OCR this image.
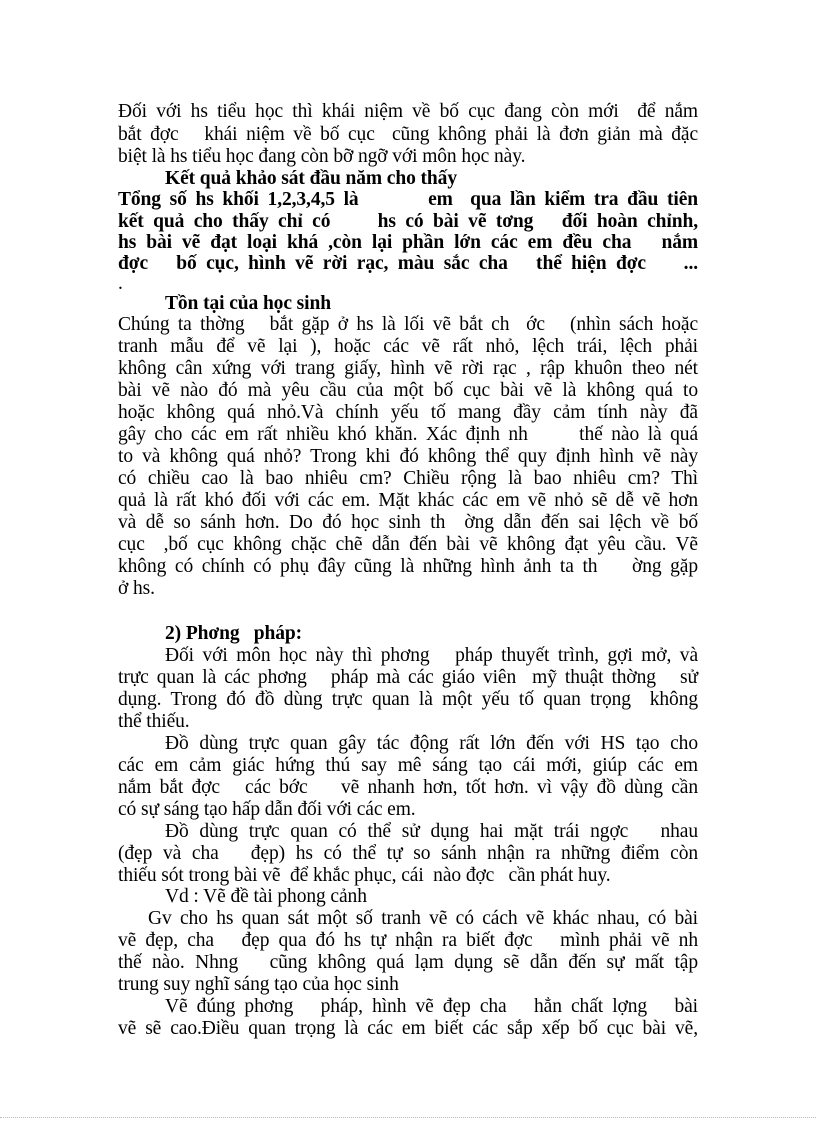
Đối với hs tiểu học thì khái niệm về bố cục đang còn mới  để nắm
bắt đợc   khái niệm về bố cục  cũng không phải là đơn giản mà đặc
biệt là hs tiểu học đang còn bỡ ngỡ với môn học này.
Kết quả khảo sát đầu năm cho thấy
Tổng số hs khối 1,2,3,4,5 là        em  qua lần kiểm tra đầu tiên
kết quả cho thấy chỉ có     hs có bài vẽ tơng   đối hoàn chỉnh,
hs bài vẽ đạt loại khá ,còn lại phần lớn các em đều cha   nắm
đợc   bố cục, hình vẽ rời rạc, màu sắc cha   thể hiện đợc    ...
.
Tồn tại của học sinh
Chúng ta thờng   bắt gặp ở hs là lối vẽ bắt ch  ớc   (nhìn sách hoặc
tranh mẫu để vẽ lại ), hoặc các vẽ rất nhỏ, lệch trái, lệch phải
không cân xứng với trang giấy, hình vẽ rời rạc , rập khuôn theo nét
bài vẽ nào đó mà yêu cầu của một bố cục bài vẽ là không quá to
hoặc không quá nhỏ.Và chính yếu tố mang đầy cảm tính này đã
gây cho các em rất nhiều khó khăn. Xác định nh      thế nào là quá
to và không quá nhỏ? Trong khi đó không thể quy định hình vẽ này
có chiều cao là bao nhiêu cm? Chiều rộng là bao nhiêu cm? Thì
quả là rất khó đối với các em. Mặt khác các em vẽ nhỏ sẽ dễ vẽ hơn
và dễ so sánh hơn. Do đó học sinh th  ờng dẫn đến sai lệch về bố
cục  ,bố cục không chặc chẽ dẫn đến bài vẽ không đạt yêu cầu. Vẽ
không có chính có phụ đây cũng là những hình ảnh ta th    ờng gặp
ở hs.
2) Phơng   pháp:
Đối với môn học này thì phơng   pháp thuyết trình, gợi mở, và
trực quan là các phơng   pháp mà các giáo viên  mỹ thuật thờng   sử
dụng. Trong đó đồ dùng trực quan là một yếu tố quan trọng  không
thể thiếu.
Đồ dùng trực quan gây tác động rất lớn đến với HS tạo cho
các em cảm giác hứng thú say mê sáng tạo cái mới, giúp các em
nắm bắt đợc   các bớc    vẽ nhanh hơn, tốt hơn. vì vậy đồ dùng cần
có sự sáng tạo hấp dẫn đối với các em.
Đồ dùng trực quan có thể sử dụng hai mặt trái ngợc   nhau
(đẹp và cha   đẹp) hs có thể tự so sánh nhận ra những điểm còn
thiếu sót trong bài vẽ  để khắc phục, cái  nào đợc   cần phát huy.
Vd : Vẽ đề tài phong cảnh
Gv cho hs quan sát một số tranh vẽ có cách vẽ khác nhau, có bài
vẽ đẹp, cha   đẹp qua đó hs tự nhận ra biết đợc   mình phải vẽ nh
thế nào. Nhng   cũng không quá lạm dụng sẽ dẫn đến sự mất tập
trung suy nghĩ sáng tạo của học sinh
Vẽ đúng phơng   pháp, hình vẽ đẹp cha   hẳn chất lợng   bài
vẽ sẽ cao.Điều quan trọng là các em biết các sắp xếp bố cục bài vẽ,
